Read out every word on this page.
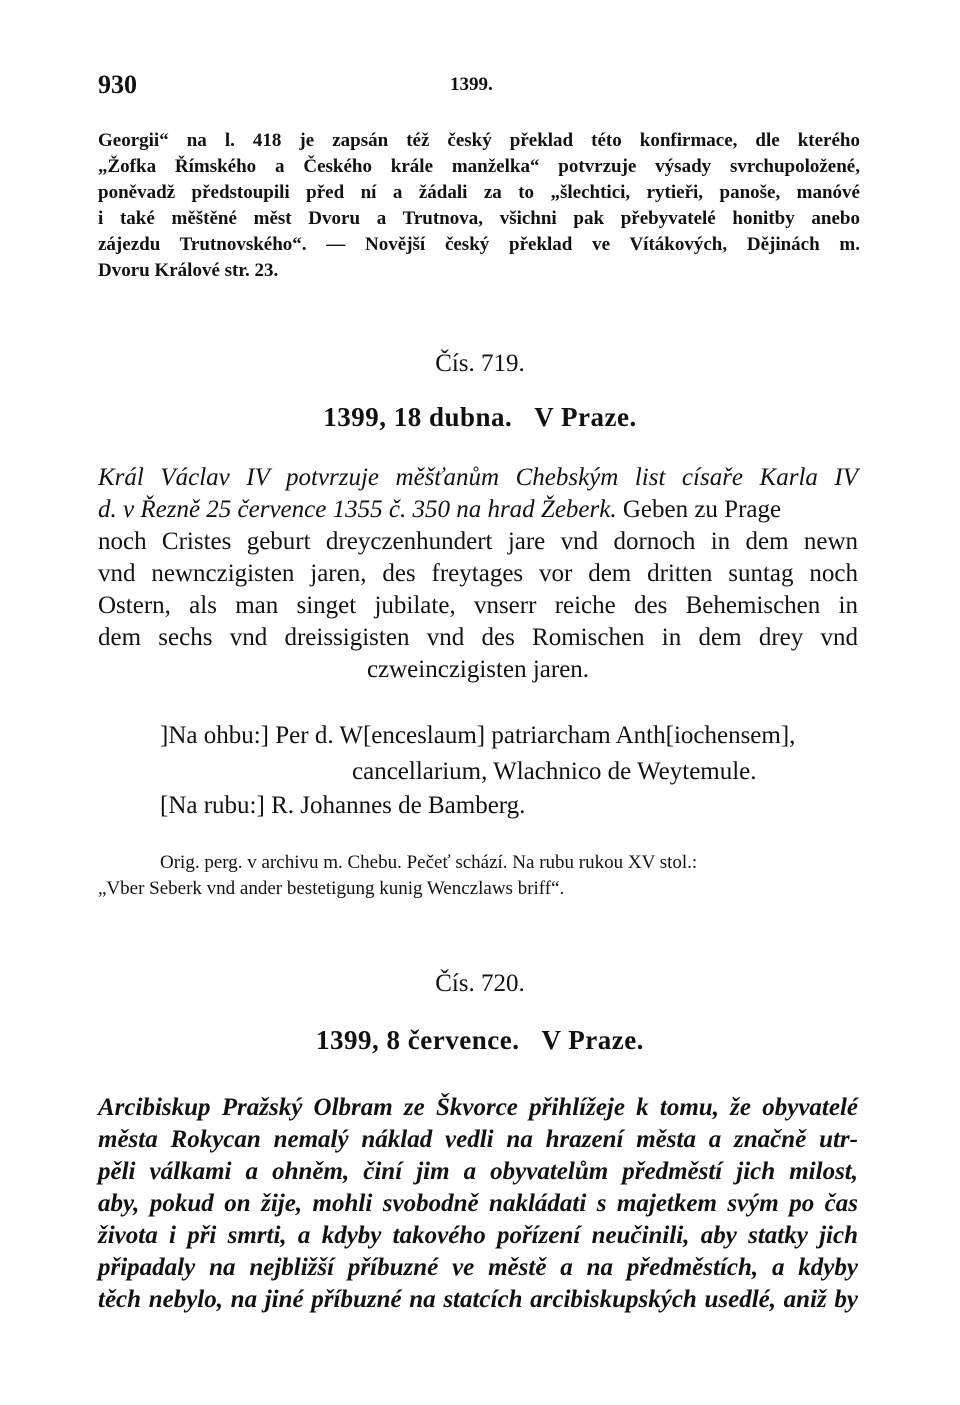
930	1399.
Georgii“ na l. 418 je zapsán též český překlad této konfirmace, dle kterého
„Žofka Římského a Českého krále manželka“ potvrzuje výsady svrchupoložené,
poněvadž předstoupili před ní a žádali za to „šlechtici, rytieři, panoše, manóvé
i také měštěné měst Dvoru a Trutnova, všichni pak přebyvatelé honitby anebo
zájezdu Trutnovského“. — Novější český překlad ve Vítákových, Dějinách m.
Dvoru Králové str. 23.
Čís. 719.
1399, 18 dubna. V Praze.
Král Václav IV potvrzuje měšťanům Chebským list císaře Karla IV
d. v Řezně 25 července 1355 č. 350 na hrad Žeberk. Geben zu Prage
noch Cristes geburt dreyczenhundert jare vnd dornoch in dem newn
vnd newnczigisten jaren, des freytages vor dem dritten suntag noch
Ostern, als man singet jubilate, vnserr reiche des Behemischen in
dem sechs vnd dreissigisten vnd des Romischen in dem drey vnd
czweinczigisten jaren.
]Na ohbu:] Per d. W[enceslaum] patriarcham Anth[iochensem],
cancellarium, Wlachnico de Weytemule.
[Na rubu:] R. Johannes de Bamberg.
Orig. perg. v archivu m. Chebu. Pečeť schází. Na rubu rukou XV stol.:
„Vber Seberk vnd ander bestetigung kunig Wenczlaws briff“.
Čís. 720.
1399, 8 července. V Praze.
Arcibiskup Pražský Olbram ze Škvorce přihlížeje k tomu, že obyvatelé
města Rokycan nemalý náklad vedli na hrazení města a značně utr-
pěli válkami a ohněm, činí jim a obyvatelům předměstí jich milost,
aby, pokud on žije, mohli svobodně nakládati s majetkem svým po čas
života i při smrti, a kdyby takového pořízení neučinili, aby statky jich
připadaly na nejbližší příbuzné ve městě a na předměstích, a kdyby
těch nebylo, na jiné příbuzné na statcích arcibiskupských usedlé, aniž by
